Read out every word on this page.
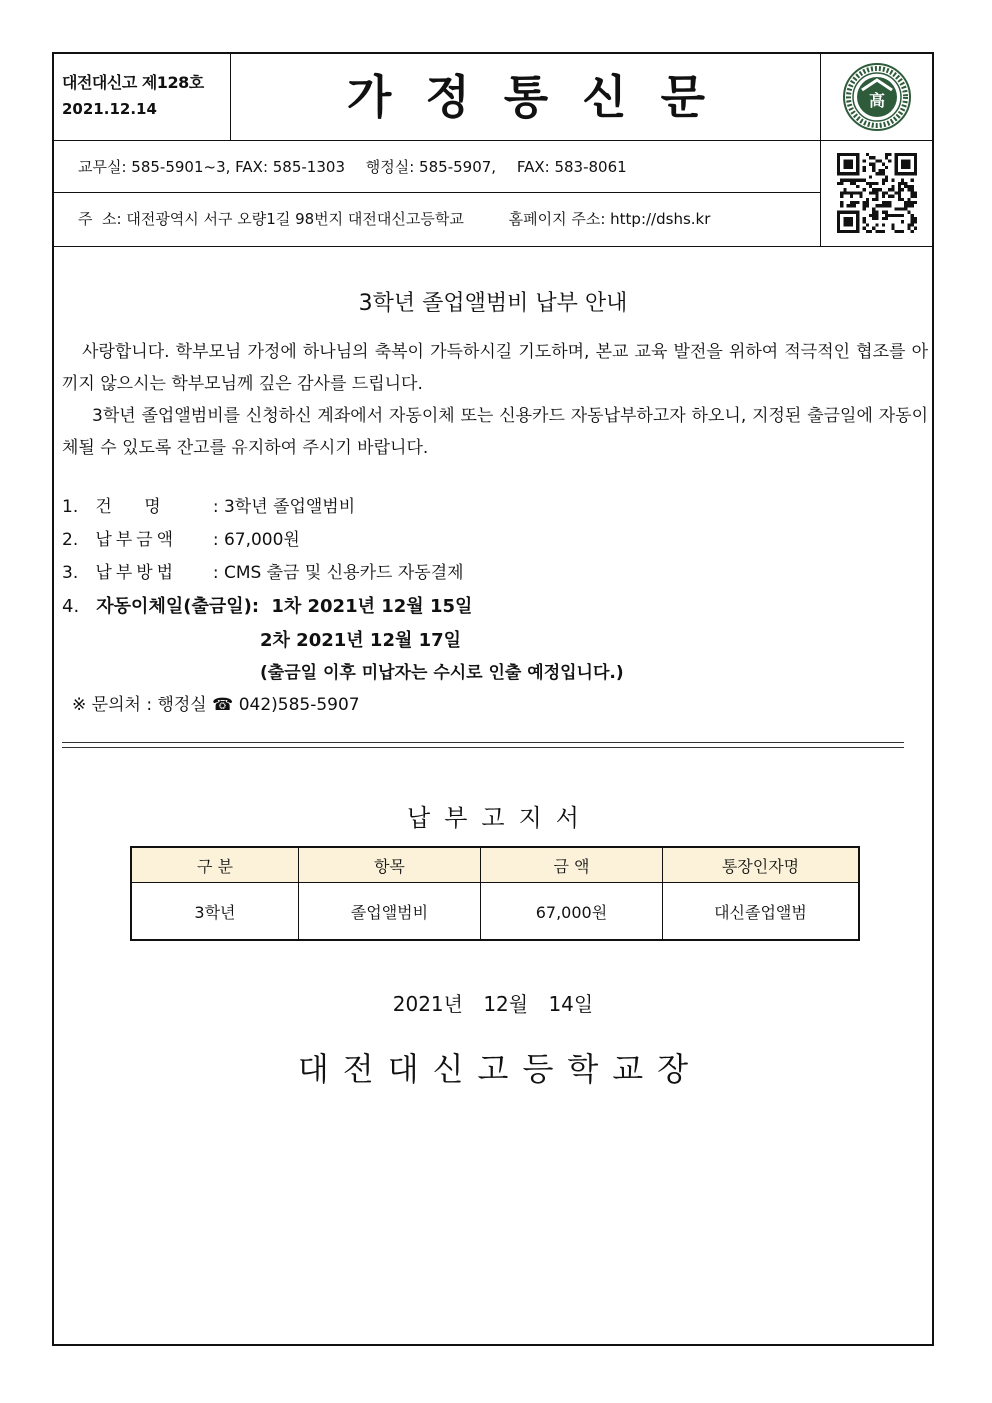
대전대신고 제128호
2021.12.14	가정통신문	高
교무실: 585-5901~3, FAX: 585-1303 행정실: 585-5907, FAX: 583-8061
주  소: 대전광역시 서구 오량1길 98번지 대전대신고등학교	홈페이지 주소: http://dshs.kr
3학년 졸업앨범비 납부 안내
사랑합니다. 학부모님 가정에 하나님의 축복이 가득하시길 기도하며, 본교 교육 발전을 위하여 적극적인 협조를 아끼지 않으시는 학부모님께 깊은 감사를 드립니다.
3학년 졸업앨범비를 신청하신 계좌에서 자동이체 또는 신용카드 자동납부하고자 하오니, 지정된 출금일에 자동이체될 수 있도록 잔고를 유지하여 주시기 바랍니다.
1. 건      명	: 3학년 졸업앨범비
2. 납부금액 : 67,000원
3. 납부방법 : CMS 출금 및 신용카드 자동결제
4. 자동이체일(출금일): 1차 2021년 12월 15일
2차 2021년 12월 17일
(출금일 이후 미납자는 수시로 인출 예정입니다.)
※ 문의처 : 행정실 ☎ 042)585-5907
납부고지서
구 분	항목	금 액	통장인자명
3학년	졸업앨범비	67,000원	대신졸업앨범
2021년 12월 14일
대전대신고등학교장
